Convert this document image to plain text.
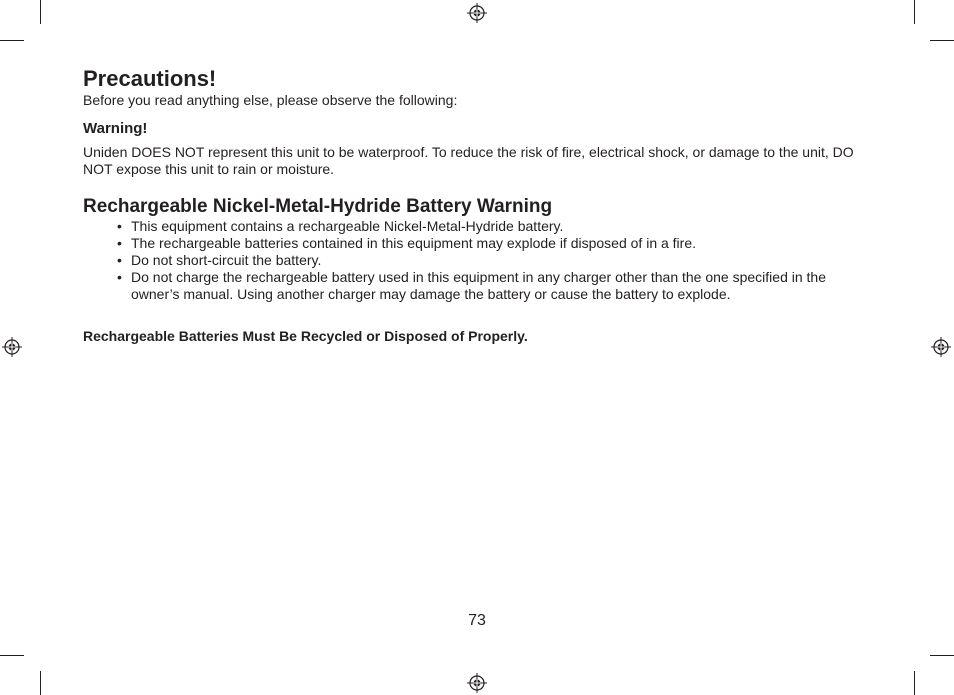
Precautions!

Before you read anything else, please observe the following:

Warning!

Uniden DOES NOT represent this unit to be waterproof. To reduce the risk of fire, electrical shock, or damage to the unit, DO NOT expose this unit to rain or moisture.

Rechargeable Nickel-Metal-Hydride Battery Warning
• This equipment contains a rechargeable Nickel-Metal-Hydride battery.
• The rechargeable batteries contained in this equipment may explode if disposed of in a fire.
• Do not short-circuit the battery.
• Do not charge the rechargeable battery used in this equipment in any charger other than the one specified in the owner’s manual. Using another charger may damage the battery or cause the battery to explode.

Rechargeable Batteries Must Be Recycled or Disposed of Properly.

73
